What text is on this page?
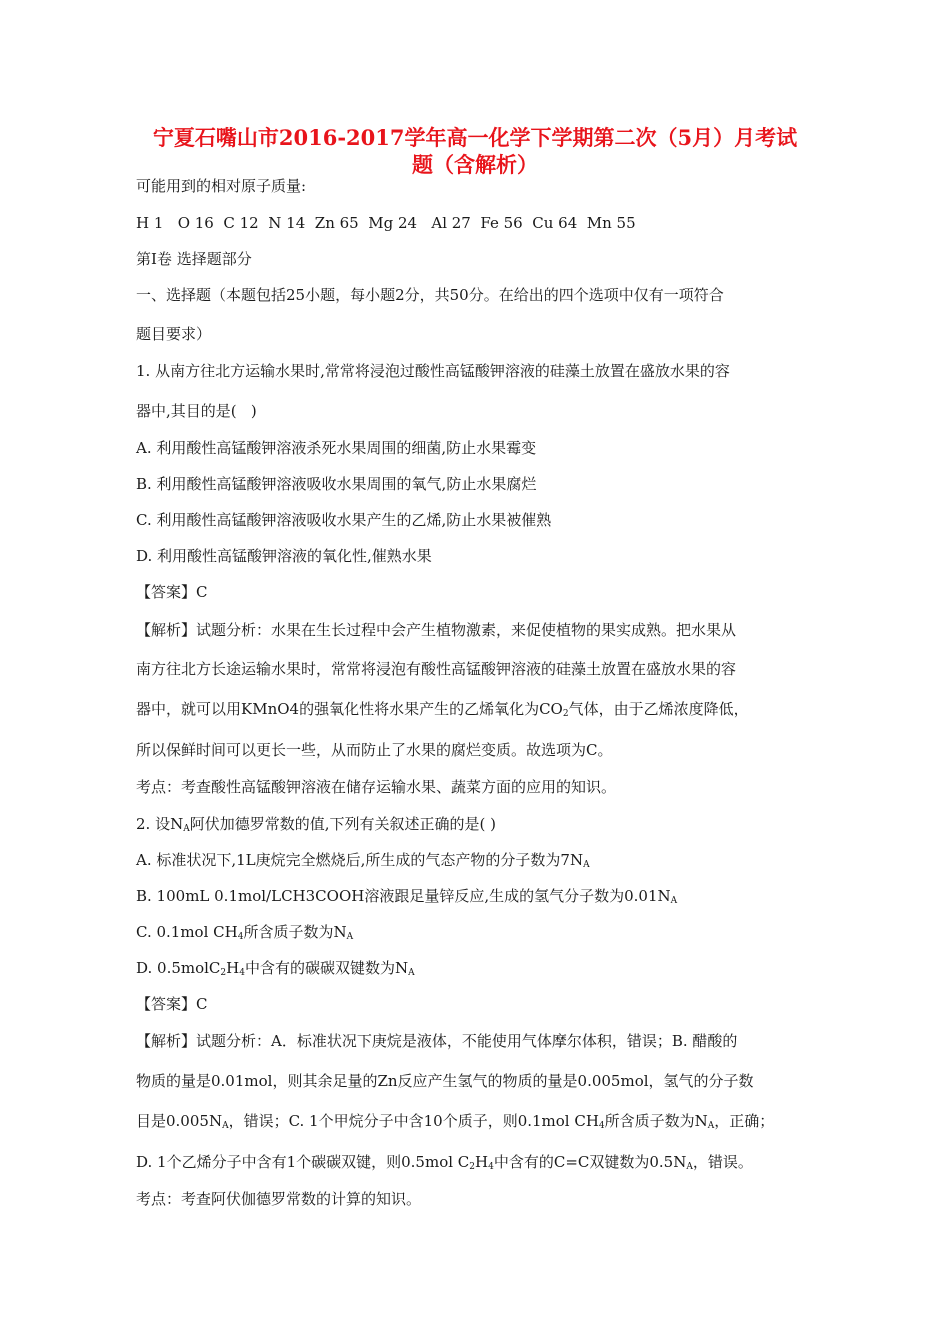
宁夏石嘴山市2016-2017学年高一化学下学期第二次（5月）月考试
题（含解析）
可能用到的相对原子质量:
H 1   O 16  C 12  N 14  Zn 65  Mg 24   Al 27  Fe 56  Cu 64  Mn 55
第I卷 选择题部分
一、选择题（本题包括25小题，每小题2分，共50分。在给出的四个选项中仅有一项符合
题目要求）
1. 从南方往北方运输水果时,常常将浸泡过酸性高锰酸钾溶液的硅藻土放置在盛放水果的容
器中,其目的是(   )
A. 利用酸性高锰酸钾溶液杀死水果周围的细菌,防止水果霉变
B. 利用酸性高锰酸钾溶液吸收水果周围的氧气,防止水果腐烂
C. 利用酸性高锰酸钾溶液吸收水果产生的乙烯,防止水果被催熟
D. 利用酸性高锰酸钾溶液的氧化性,催熟水果
【答案】C
【解析】试题分析：水果在生长过程中会产生植物激素，来促使植物的果实成熟。把水果从
南方往北方长途运输水果时，常常将浸泡有酸性高锰酸钾溶液的硅藻土放置在盛放水果的容
器中，就可以用KMnO4的强氧化性将水果产生的乙烯氧化为$CO_2$气体，由于乙烯浓度降低，
所以保鲜时间可以更长一些，从而防止了水果的腐烂变质。故选项为C。
考点：考查酸性高锰酸钾溶液在储存运输水果、蔬菜方面的应用的知识。
2. 设$N_A$阿伏加德罗常数的值,下列有关叙述正确的是( )
A. 标准状况下,1L庚烷完全燃烧后,所生成的气态产物的分子数为$7N_A$
B. 100mL 0.1mol/LCH3COOH溶液跟足量锌反应,生成的氢气分子数为$0.01N_A$
C. 0.1mol $CH_4$所含质子数为$N_A$
D. $0.5molC_2H_4$中含有的碳碳双键数为$N_A$
【答案】C
【解析】试题分析：A．标准状况下庚烷是液体，不能使用气体摩尔体积，错误；B. 醋酸的
物质的量是0.01mol，则其余足量的Zn反应产生氢气的物质的量是0.005mol，氢气的分子数
目是$0.005N_A$，错误；C. 1个甲烷分子中含10个质子，则0.1mol $CH_4$所含质子数为$N_A$，正确；
D. 1个乙烯分子中含有1个碳碳双键，则0.5mol $C_2H_4$中含有的C=C双键数为$0.5N_A$，错误。
考点：考查阿伏伽德罗常数的计算的知识。
